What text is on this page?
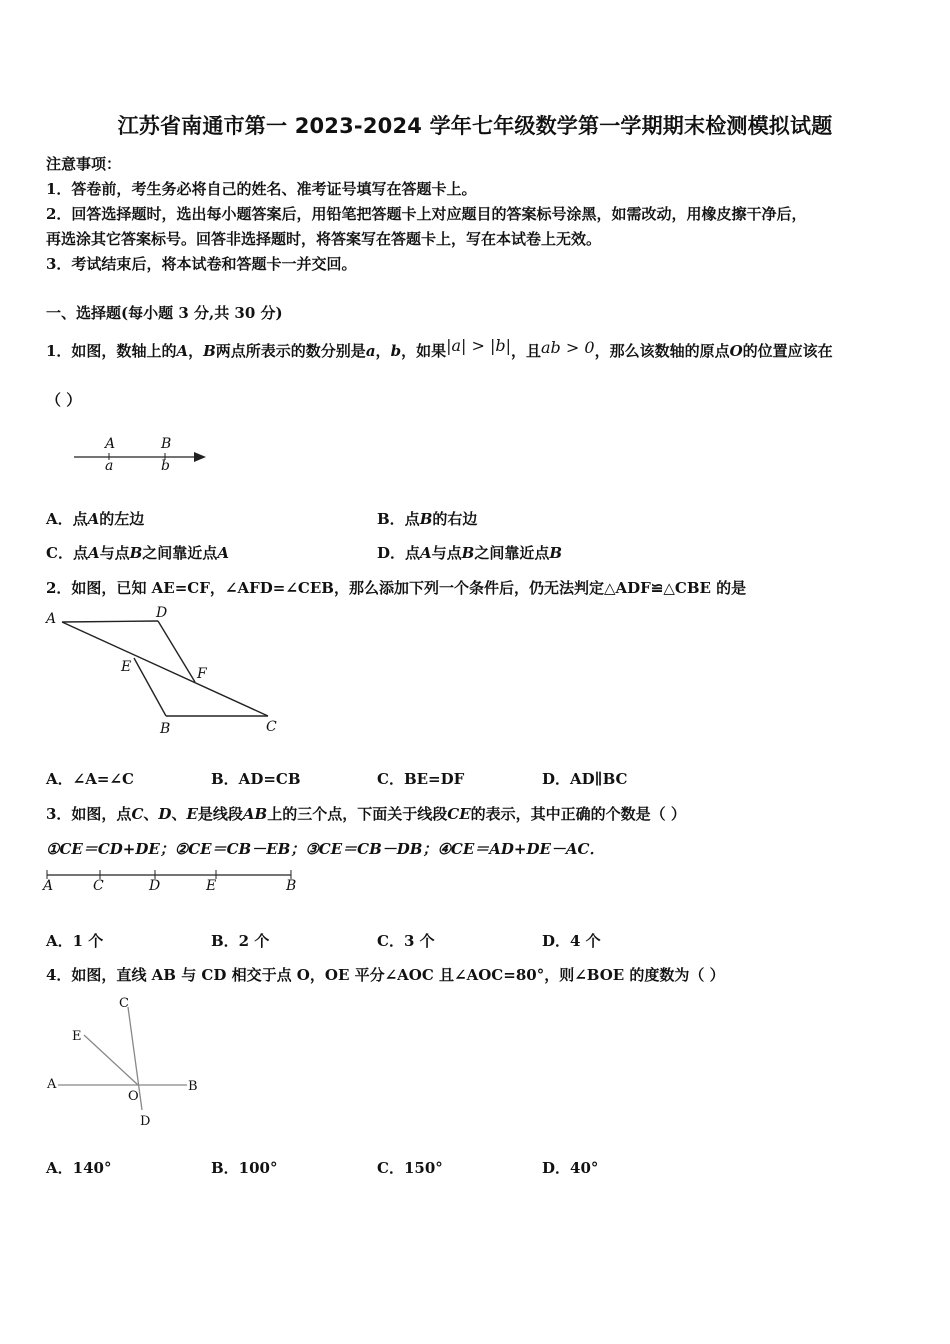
江苏省南通市第一 2023-2024 学年七年级数学第一学期期末检测模拟试题
注意事项：
1．答卷前，考生务必将自己的姓名、准考证号填写在答题卡上。
2．回答选择题时，选出每小题答案后，用铅笔把答题卡上对应题目的答案标号涂黑，如需改动，用橡皮擦干净后，
再选涂其它答案标号。回答非选择题时，将答案写在答题卡上，写在本试卷上无效。
3．考试结束后，将本试卷和答题卡一并交回。
一、选择题(每小题 3 分,共 30 分)
1．如图，数轴上的A，B两点所表示的数分别是a，b，如果|a| > |b|，且ab > 0，那么该数轴的原点O的位置应该在
（ ）
A	B
a	b
A．点A的左边	B．点B的右边
C．点A与点B之间靠近点A	D．点A与点B之间靠近点B
2．如图，已知 AE=CF，∠AFD=∠CEB，那么添加下列一个条件后，仍无法判定△ADF≌△CBE 的是
A	D
E	F
B	C
A．∠A=∠C	B．AD=CB	C．BE=DF	D．AD∥BC
3．如图，点C、D、E是线段AB上的三个点，下面关于线段CE的表示，其中正确的个数是（ ）
①CE＝CD+DE；②CE＝CB－EB；③CE＝CB－DB；④CE＝AD+DE－AC．
A	C	D	E	B
A．1 个	B．2 个	C．3 个	D．4 个
4．如图，直线 AB 与 CD 相交于点 O，OE 平分∠AOC 且∠AOC=80°，则∠BOE 的度数为（ ）
C
E
A	B
O
D
A．140°	B．100°	C．150°	D．40°
